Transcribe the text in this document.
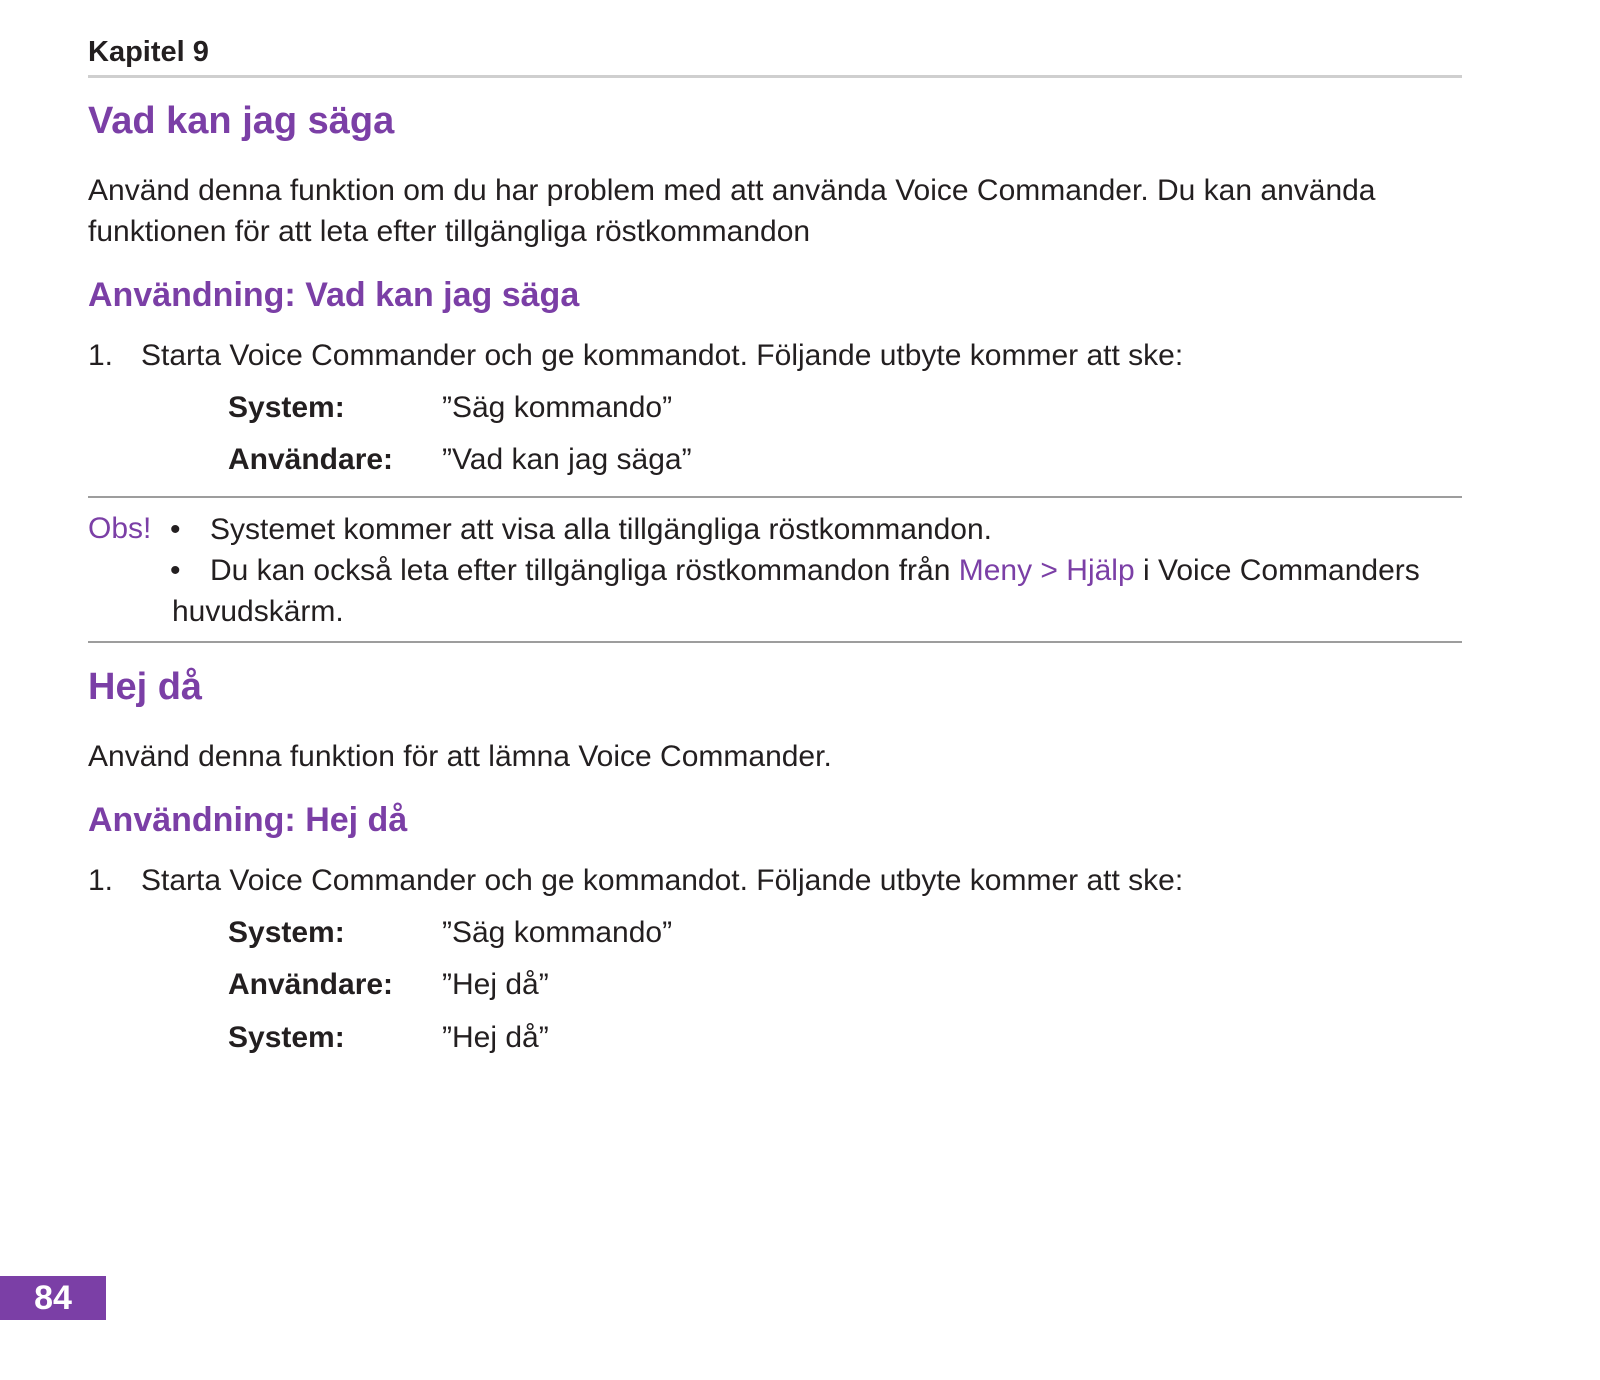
Kapitel 9
Vad kan jag säga

Använd denna funktion om du har problem med att använda Voice Commander. Du kan använda
funktionen för att leta efter tillgängliga röstkommandon

Användning: Vad kan jag säga
1. Starta Voice Commander och ge kommandot. Följande utbyte kommer att ske:
System:	”Säg kommando”
Användare: ”Vad kan jag säga”
Obs! • Systemet kommer att visa alla tillgängliga röstkommandon.
• Du kan också leta efter tillgängliga röstkommandon från Meny > Hjälp i Voice Commanders
huvudskärm.
Hej då

Använd denna funktion för att lämna Voice Commander.

Användning: Hej då
1. Starta Voice Commander och ge kommandot. Följande utbyte kommer att ske:
System:	”Säg kommando”
Användare: ”Hej då”
System:	”Hej då”
84
